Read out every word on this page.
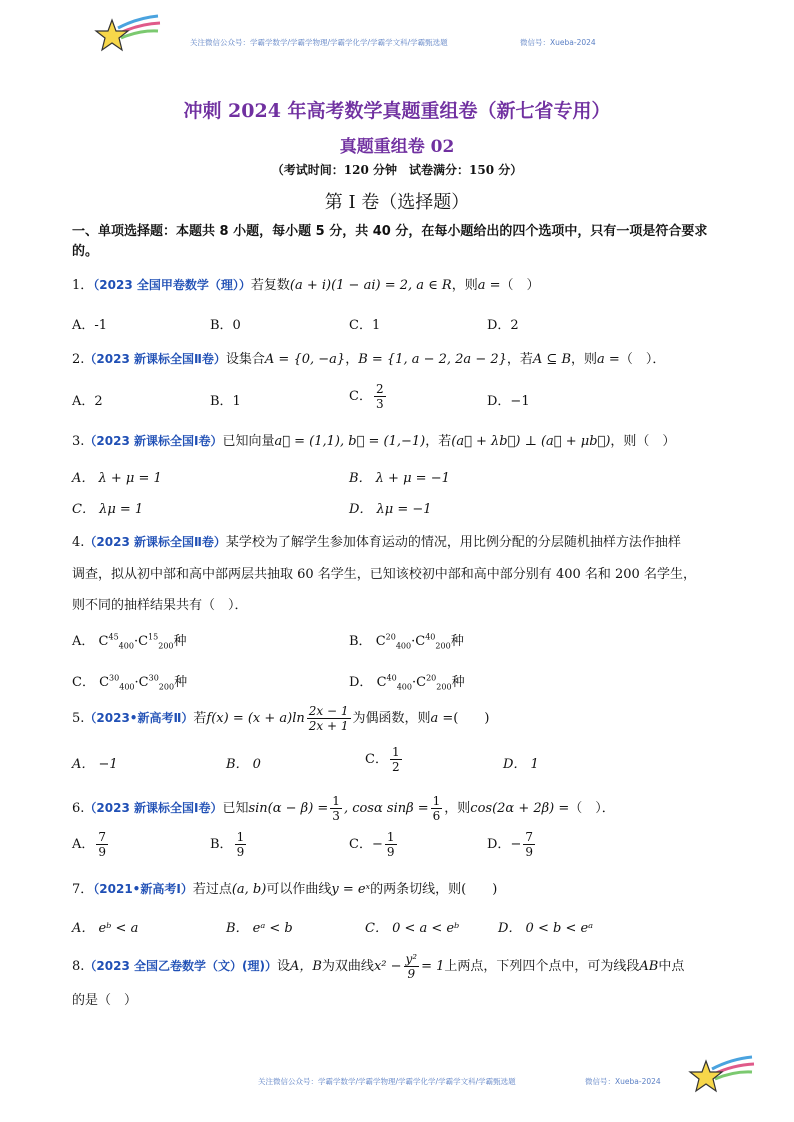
关注微信公众号：学霸学数学/学霸学物理/学霸学化学/学霸学文科/学霸甄选题	微信号：Xueba-2024
冲刺 2024 年高考数学真题重组卷（新七省专用）
真题重组卷 02
（考试时间：120 分钟　试卷满分：150 分）
第 I 卷（选择题）
一、单项选择题：本题共 8 小题，每小题 5 分，共 40 分，在每小题给出的四个选项中，只有一项是符合要求的。
1．（2023 全国甲卷数学（理））若复数(a + i)(1 − ai) = 2, a ∈ R，则a =（　）
A．-1	B．0	C．1	D．2
2.（2023 新课标全国Ⅱ卷）设集合A = {0, −a}，B = {1, a − 2, 2a − 2}，若A ⊆ B，则a =（　）．
A．2	B．1	C． $\frac{2}{3}$	D．−1
3.（2023 新课标全国Ⅰ卷）已知向量a⃗ = (1,1), b⃗ = (1,−1)，若(a⃗ + λb⃗) ⊥ (a⃗ + μb⃗)，则（　）
A． λ + μ = 1	B． λ + μ = −1
C． λμ = 1	D． λμ = −1
4.（2023 新课标全国Ⅱ卷）某学校为了解学生参加体育运动的情况，用比例分配的分层随机抽样方法作抽样
调查，拟从初中部和高中部两层共抽取 60 名学生，已知该校初中部和高中部分别有 400 名和 200 名学生，
则不同的抽样结果共有（　）．
A． $C^{45}_{400}\cdot C^{15}_{200}$种	B． $C^{20}_{400}\cdot C^{40}_{200}$种
C． $C^{30}_{400}\cdot C^{30}_{200}$种	D． $C^{40}_{400}\cdot C^{20}_{200}$种
5.（2023•新高考Ⅱ）若$f(x) = (x + a)\ln \frac{2x - 1}{2x + 1}$ 为偶函数，则a =(　　)
A． −1	B． 0	C． $\frac{1}{2}$	D． 1
6.（2023 新课标全国Ⅰ卷）已知$\sin(\alpha - \beta) = \frac{1}{3}$ , cosα $\sin\beta = \frac{1}{6}$ ，则cos(2α + 2β) =（　）．
A． $\frac{7}{9}$	B． $\frac{1}{9}$	C．− $\frac{1}{9}$	D．− $\frac{7}{9}$
7．（2021•新高考Ⅰ）若过点(a, b)可以作曲线y = eˣ的两条切线，则(　　)
A． eᵇ < a	B． eᵃ < b	C． 0 < a < eᵇ	D． 0 < b < eᵃ
8.（2023 全国乙卷数学（文）(理)）设A，B为双曲线$x^2 - \frac{\text{y²}}{9} = 1$上两点，下列四个点中，可为线段AB中点
的是（　）
关注微信公众号：学霸学数学/学霸学物理/学霸学化学/学霸学文科/学霸甄选题	微信号：Xueba-2024
